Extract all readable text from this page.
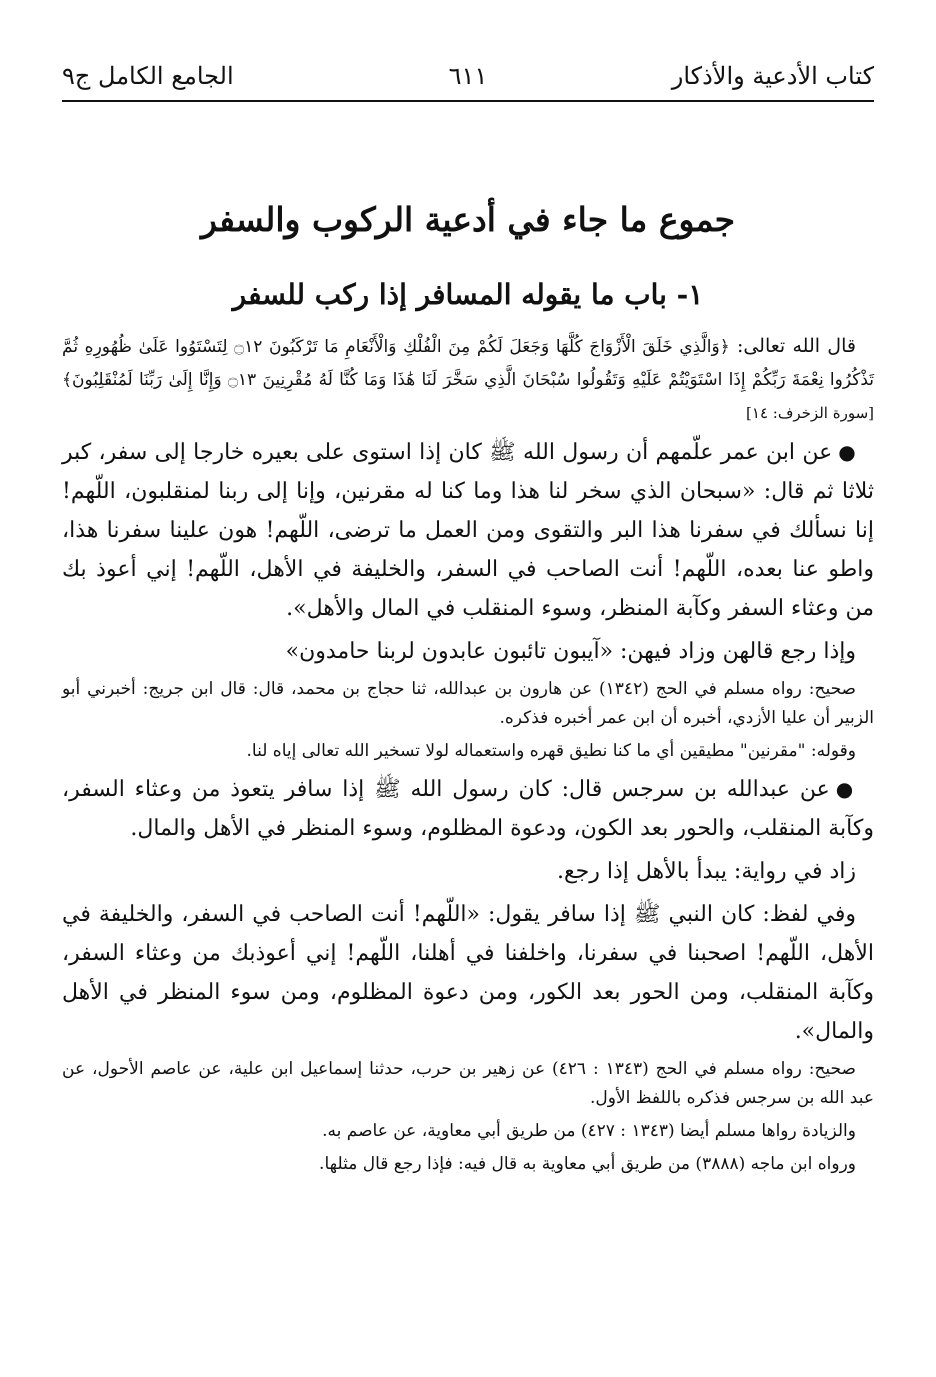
كتاب الأدعية والأذكار
٦١١
الجامع الكامل ج٩
جموع ما جاء في أدعية الركوب والسفر
١- باب ما يقوله المسافر إذا ركب للسفر

قال الله تعالى: ﴿وَالَّذِي خَلَقَ الْأَزْوَاجَ كُلَّهَا وَجَعَلَ لَكُمْ مِنَ الْفُلْكِ وَالْأَنْعَامِ مَا تَرْكَبُونَ ۝١٢ لِتَسْتَوُوا عَلَىٰ ظُهُورِهِ ثُمَّ تَذْكُرُوا نِعْمَةَ رَبِّكُمْ إِذَا اسْتَوَيْتُمْ عَلَيْهِ وَتَقُولُوا سُبْحَانَ الَّذِي سَخَّرَ لَنَا هَٰذَا وَمَا كُنَّا لَهُ مُقْرِنِينَ ۝١٣ وَإِنَّا إِلَىٰ رَبِّنَا لَمُنْقَلِبُونَ﴾ [سورة الزخرف: ١٤]

●عن ابن عمر علّمهم أن رسول الله ﷺ كان إذا استوى على بعيره خارجا إلى سفر، كبر ثلاثا ثم قال: «سبحان الذي سخر لنا هذا وما كنا له مقرنين، وإنا إلى ربنا لمنقلبون، اللّهم! إنا نسألك في سفرنا هذا البر والتقوى ومن العمل ما ترضى، اللّهم! هون علينا سفرنا هذا، واطو عنا بعده، اللّهم! أنت الصاحب في السفر، والخليفة في الأهل، اللّهم! إني أعوذ بك من وعثاء السفر وكآبة المنظر، وسوء المنقلب في المال والأهل».

وإذا رجع قالهن وزاد فيهن: «آيبون تائبون عابدون لربنا حامدون»

صحيح: رواه مسلم في الحج (١٣٤٢) عن هارون بن عبدالله، ثنا حجاج بن محمد، قال: قال ابن جريج: أخبرني أبو الزبير أن عليا الأزدي، أخبره أن ابن عمر أخبره فذكره.

وقوله: "مقرنين" مطيقين أي ما كنا نطيق قهره واستعماله لولا تسخير الله تعالى إياه لنا.

●عن عبدالله بن سرجس قال: كان رسول الله ﷺ إذا سافر يتعوذ من وعثاء السفر، وكآبة المنقلب، والحور بعد الكون، ودعوة المظلوم، وسوء المنظر في الأهل والمال.

زاد في رواية: يبدأ بالأهل إذا رجع.

وفي لفظ: كان النبي ﷺ إذا سافر يقول: «اللّهم! أنت الصاحب في السفر، والخليفة في الأهل، اللّهم! اصحبنا في سفرنا، واخلفنا في أهلنا، اللّهم! إني أعوذبك من وعثاء السفر، وكآبة المنقلب، ومن الحور بعد الكور، ومن دعوة المظلوم، ومن سوء المنظر في الأهل والمال».

صحيح: رواه مسلم في الحج (١٣٤٣ : ٤٢٦) عن زهير بن حرب، حدثنا إسماعيل ابن علية، عن عاصم الأحول، عن عبد الله بن سرجس فذكره باللفظ الأول.

والزيادة رواها مسلم أيضا (١٣٤٣ : ٤٢٧) من طريق أبي معاوية، عن عاصم به.

ورواه ابن ماجه (٣٨٨٨) من طريق أبي معاوية به قال فيه: فإذا رجع قال مثلها.
